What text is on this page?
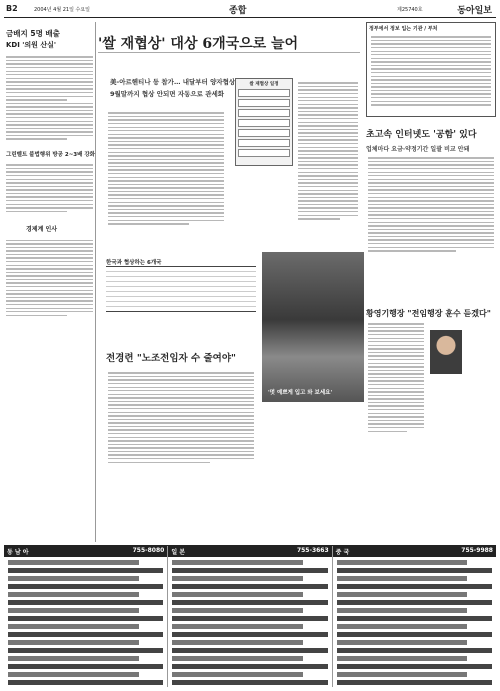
B2	2004년 4월 21일 수요일	종합	제25740호	동아일보
금배지 5명 배출
KDI '의원 산실'
그린벨트 불법행위 방공 2~3배 강화
경제계 인사
'쌀 재협상' 대상 6개국으로 늘어
美-아르헨티나 등 참가… 내달부터 양자협상
9월말까지 협상 안되면 자동으로 관세화
쌀 재협상 일정
한국과 협상하는 6개국
'멋 예쁘게 입고 와 보세요'
전경련 "노조전임자 수 줄여야"
정부에서 정보 입는 기관 / 부처
초고속 인터넷도 '공함' 있다
업체마다 요금·약정기간 일괄 비교 안돼
황영기행장 "전임행장 훈수 듣겠다"
동 남 아	755-8080 일 본	755-3663 중 국	755-9988
